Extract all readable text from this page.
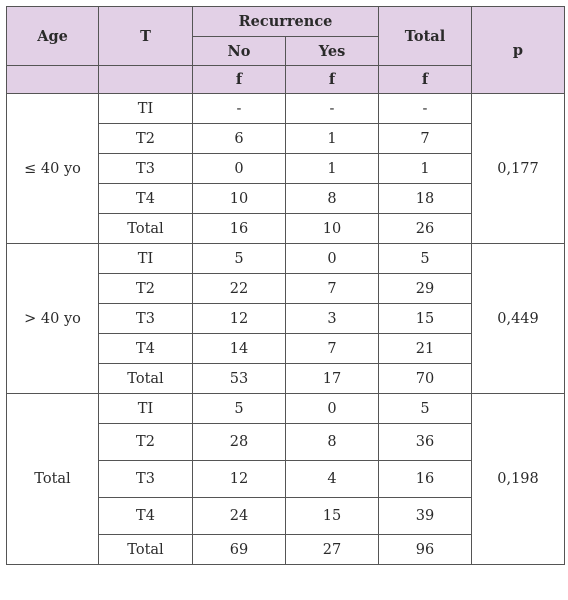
Age	T	Recurrence		Total	p
		No	Yes		
		f	f	f	
≤ 40 yo	TI	-	-	-	0,177
	T2	6	1	7	
	T3	0	1	1	
	T4	10	8	18	
	Total	16	10	26	
> 40 yo	TI	5	0	5	0,449
	T2	22	7	29	
	T3	12	3	15	
	T4	14	7	21	
	Total	53	17	70	
Total	TI	5	0	5	0,198
	T2	28	8	36	
	T3	12	4	16	
	T4	24	15	39	
	Total	69	27	96	
